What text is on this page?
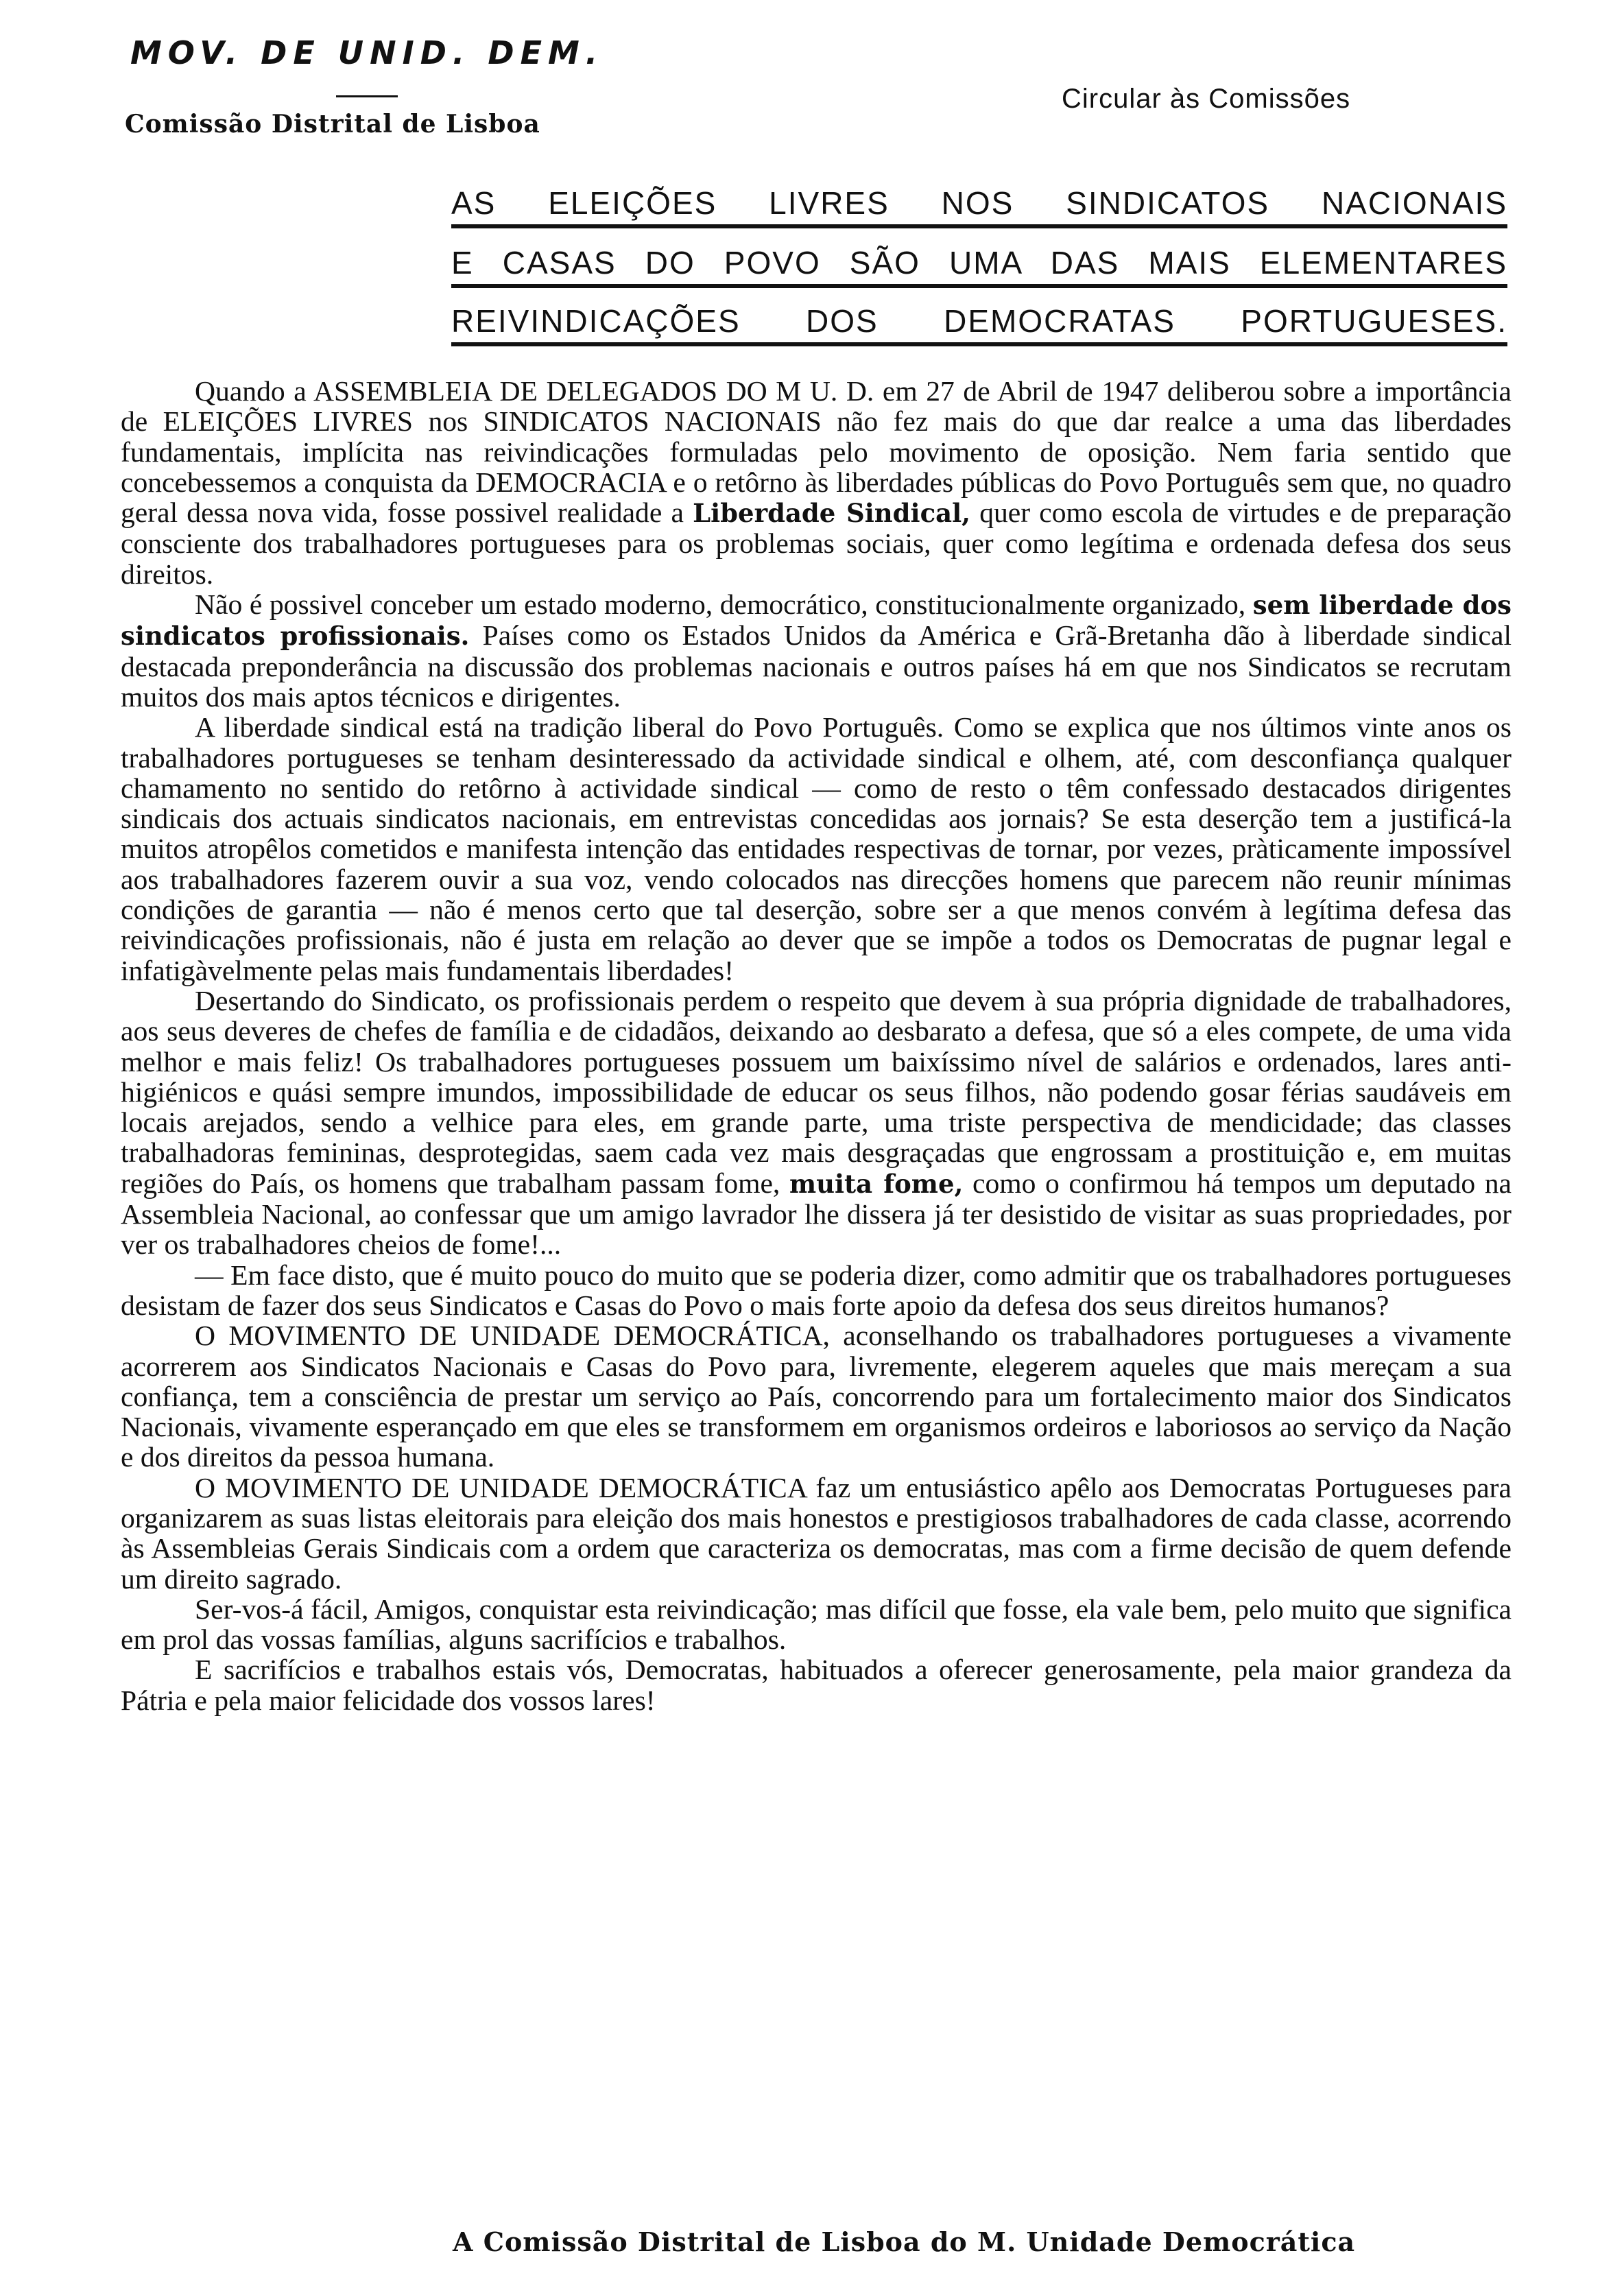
MOV. DE UNID. DEM.
Comissão Distrital de Lisboa
Circular às Comissões
AS ELEIÇÕES LIVRES NOS SINDICATOS NACIONAIS
E CASAS DO POVO SÃO UMA DAS MAIS ELEMENTARES
REIVINDICAÇÕES DOS DEMOCRATAS PORTUGUESES.

Quando a ASSEMBLEIA DE DELEGADOS DO M U. D. em 27 de Abril de 1947 deliberou sobre a importância de ELEIÇÕES LIVRES nos SINDICATOS NACIONAIS não fez mais do que dar realce a uma das liberdades fundamentais, implícita nas reivindicações formuladas pelo movimento de oposição. Nem faria sentido que concebessemos a conquista da DEMOCRACIA e o retôrno às liberdades públicas do Povo Português sem que, no quadro geral dessa nova vida, fosse possivel realidade a Liberdade Sindical, quer como escola de virtudes e de preparação consciente dos trabalhadores portugueses para os problemas sociais, quer como legítima e ordenada defesa dos seus direitos.

Não é possivel conceber um estado moderno, democrático, constitucionalmente organizado, sem liberdade dos sindicatos profissionais. Países como os Estados Unidos da América e Grã-Bretanha dão à liberdade sindical destacada preponderância na discussão dos problemas nacionais e outros países há em que nos Sindicatos se recrutam muitos dos mais aptos técnicos e dirigentes.

A liberdade sindical está na tradição liberal do Povo Português. Como se explica que nos últimos vinte anos os trabalhadores portugueses se tenham desinteressado da actividade sindical e olhem, até, com desconfiança qualquer chamamento no sentido do retôrno à actividade sindical — como de resto o têm confessado destacados dirigentes sindicais dos actuais sindicatos nacionais, em entrevistas concedidas aos jornais? Se esta deserção tem a justificá-la muitos atropêlos cometidos e manifesta intenção das entidades respectivas de tornar, por vezes, pràticamente impossível aos trabalhadores fazerem ouvir a sua voz, vendo colocados nas direcções homens que parecem não reunir mínimas condições de garantia — não é menos certo que tal deserção, sobre ser a que menos convém à legítima defesa das reivindicações profissionais, não é justa em relação ao dever que se impõe a todos os Democratas de pugnar legal e infatigàvelmente pelas mais fundamentais liberdades!

Desertando do Sindicato, os profissionais perdem o respeito que devem à sua própria dignidade de trabalhadores, aos seus deveres de chefes de família e de cidadãos, deixando ao desbarato a defesa, que só a eles compete, de uma vida melhor e mais feliz! Os trabalhadores portugueses possuem um baixíssimo nível de salários e ordenados, lares anti-higiénicos e quási sempre imundos, impossibilidade de educar os seus filhos, não podendo gosar férias saudáveis em locais arejados, sendo a velhice para eles, em grande parte, uma triste perspectiva de mendicidade; das classes trabalhadoras femininas, desprotegidas, saem cada vez mais desgraçadas que engrossam a prostituição e, em muitas regiões do País, os homens que trabalham passam fome, muita fome, como o confirmou há tempos um deputado na Assembleia Nacional, ao confessar que um amigo lavrador lhe dissera já ter desistido de visitar as suas propriedades, por ver os trabalhadores cheios de fome!...

— Em face disto, que é muito pouco do muito que se poderia dizer, como admitir que os trabalhadores portugueses desistam de fazer dos seus Sindicatos e Casas do Povo o mais forte apoio da defesa dos seus direitos humanos?

O MOVIMENTO DE UNIDADE DEMOCRÁTICA, aconselhando os trabalhadores portugueses a vivamente acorrerem aos Sindicatos Nacionais e Casas do Povo para, livremente, elegerem aqueles que mais mereçam a sua confiança, tem a consciência de prestar um serviço ao País, concorrendo para um fortalecimento maior dos Sindicatos Nacionais, vivamente esperançado em que eles se transformem em organismos ordeiros e laboriosos ao serviço da Nação e dos direitos da pessoa humana.

O MOVIMENTO DE UNIDADE DEMOCRÁTICA faz um entusiástico apêlo aos Democratas Portugueses para organizarem as suas listas eleitorais para eleição dos mais honestos e prestigiosos trabalhadores de cada classe, acorrendo às Assembleias Gerais Sindicais com a ordem que caracteriza os democratas, mas com a firme decisão de quem defende um direito sagrado.

Ser-vos-á fácil, Amigos, conquistar esta reivindicação; mas difícil que fosse, ela vale bem, pelo muito que significa em prol das vossas famílias, alguns sacrifícios e trabalhos.

E sacrifícios e trabalhos estais vós, Democratas, habituados a oferecer generosamente, pela maior grandeza da Pátria e pela maior felicidade dos vossos lares!

A Comissão Distrital de Lisboa do M. Unidade Democrática
